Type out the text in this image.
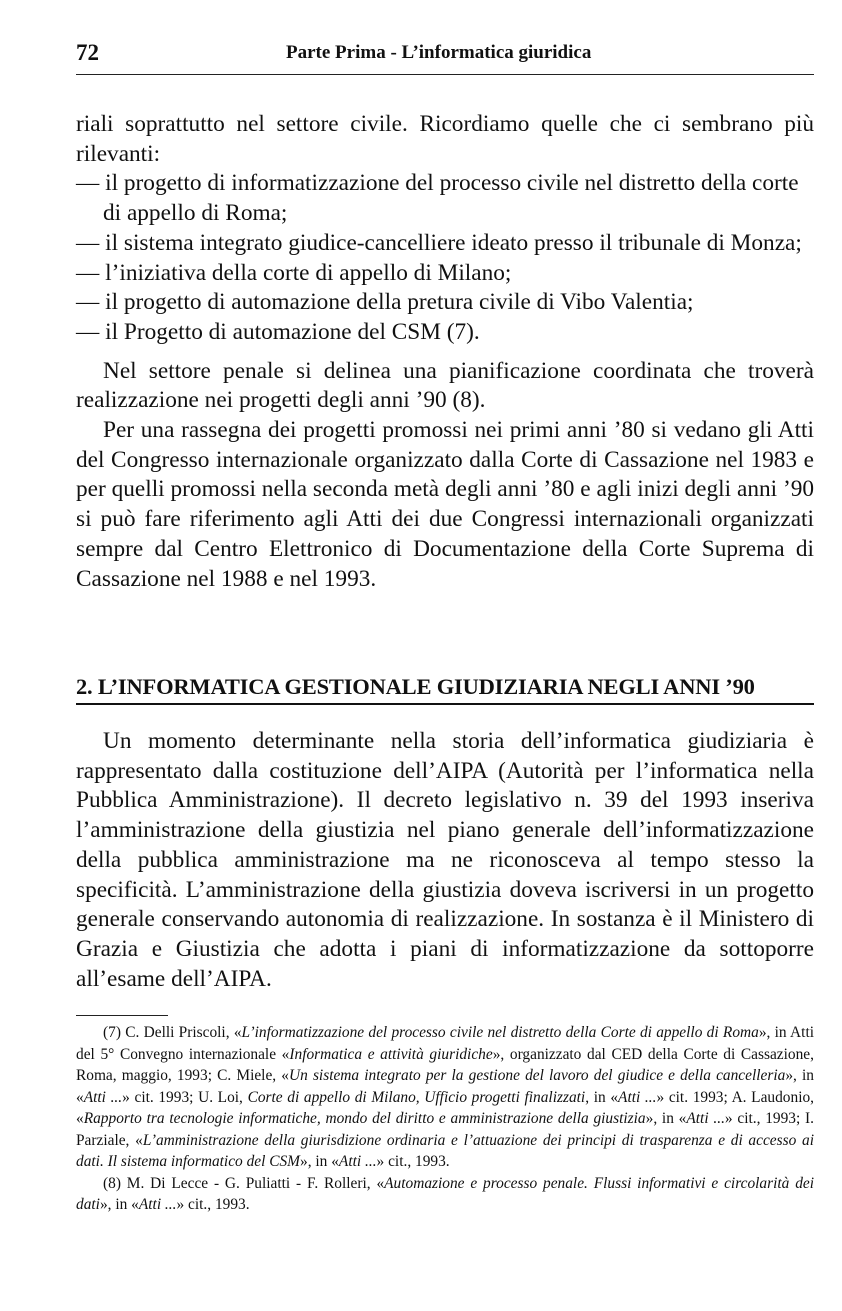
72	Parte Prima - L’informatica giuridica

riali soprattutto nel settore civile. Ricordiamo quelle che ci sembrano più rilevanti:

— il progetto di informatizzazione del processo civile nel distretto della corte di appello di Roma;

— il sistema integrato giudice-cancelliere ideato presso il tribunale di Monza;

— l’iniziativa della corte di appello di Milano;

— il progetto di automazione della pretura civile di Vibo Valentia;

— il Progetto di automazione del CSM (7).

Nel settore penale si delinea una pianificazione coordinata che troverà realizzazione nei progetti degli anni ’90 (8).

Per una rassegna dei progetti promossi nei primi anni ’80 si vedano gli Atti del Congresso internazionale organizzato dalla Corte di Cassazione nel 1983 e per quelli promossi nella seconda metà degli anni ’80 e agli inizi degli anni ’90 si può fare riferimento agli Atti dei due Congressi internazionali organizzati sempre dal Centro Elettronico di Documentazione della Corte Suprema di Cassazione nel 1988 e nel 1993.

2. L’INFORMATICA GESTIONALE GIUDIZIARIA NEGLI ANNI ’90

Un momento determinante nella storia dell’informatica giudiziaria è rappresentato dalla costituzione dell’AIPA (Autorità per l’informatica nella Pubblica Amministrazione). Il decreto legislativo n. 39 del 1993 inseriva l’amministrazione della giustizia nel piano generale dell’informatizzazione della pubblica amministrazione ma ne riconosceva al tempo stesso la specificità. L’amministrazione della giustizia doveva iscriversi in un progetto generale conservando autonomia di realizzazione. In sostanza è il Ministero di Grazia e Giustizia che adotta i piani di informatizzazione da sottoporre all’esame dell’AIPA.

(7) C. Delli Priscoli, «L’informatizzazione del processo civile nel distretto della Corte di appello di Roma», in Atti del 5° Convegno internazionale «Informatica e attività giuridiche», organizzato dal CED della Corte di Cassazione, Roma, maggio, 1993; C. Miele, «Un sistema integrato per la gestione del lavoro del giudice e della cancelleria», in «Atti ...» cit. 1993; U. Loi, Corte di appello di Milano, Ufficio progetti finalizzati, in «Atti ...» cit. 1993; A. Laudonio, «Rapporto tra tecnologie informatiche, mondo del diritto e amministrazione della giustizia», in «Atti ...» cit., 1993; I. Parziale, «L’amministrazione della giurisdizione ordinaria e l’attuazione dei principi di trasparenza e di accesso ai dati. Il sistema informatico del CSM», in «Atti ...» cit., 1993.

(8) M. Di Lecce - G. Puliatti - F. Rolleri, «Automazione e processo penale. Flussi informativi e circolarità dei dati», in «Atti ...» cit., 1993.
